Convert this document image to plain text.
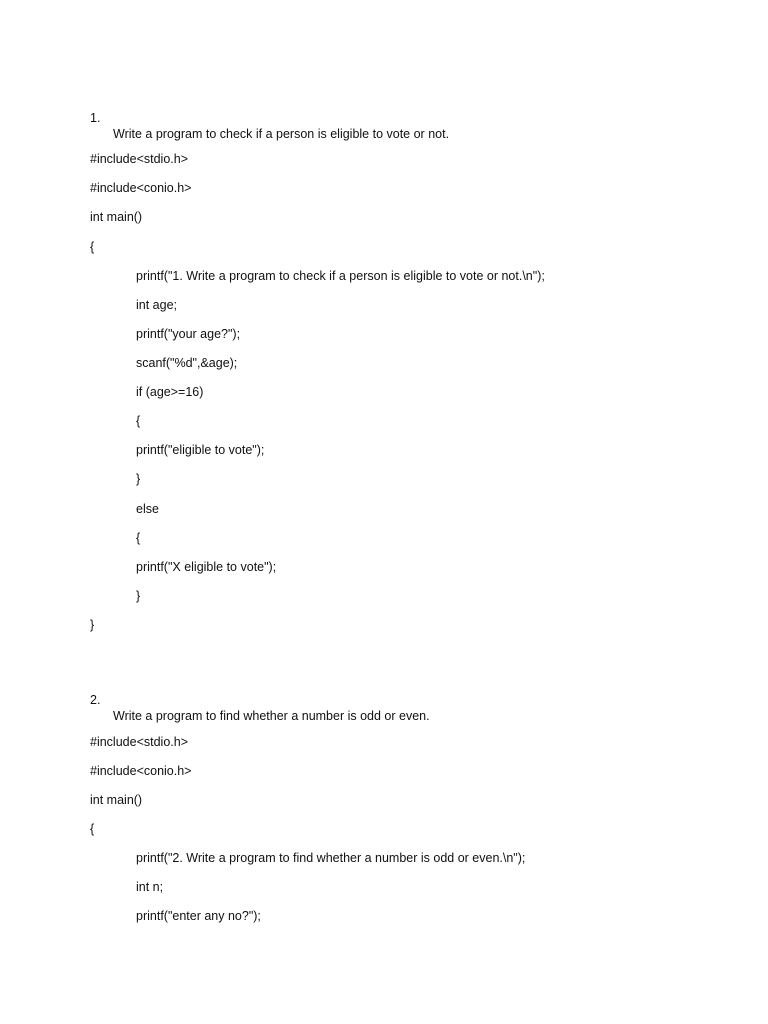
1.

Write a program to check if a person is eligible to vote or not.

#include<stdio.h>
#include<conio.h>
int main()
{
printf("1. Write a program to check if a person is eligible to vote or not.\n");
int age;
printf("your age?");
scanf("%d",&age);
if (age>=16)
{
printf("eligible to vote");
}
else
{
printf("X eligible to vote");
}
}

2.

Write a program to find whether a number is odd or even.

#include<stdio.h>
#include<conio.h>
int main()
{
printf("2. Write a program to find whether a number is odd or even.\n");
int n;
printf("enter any no?");
